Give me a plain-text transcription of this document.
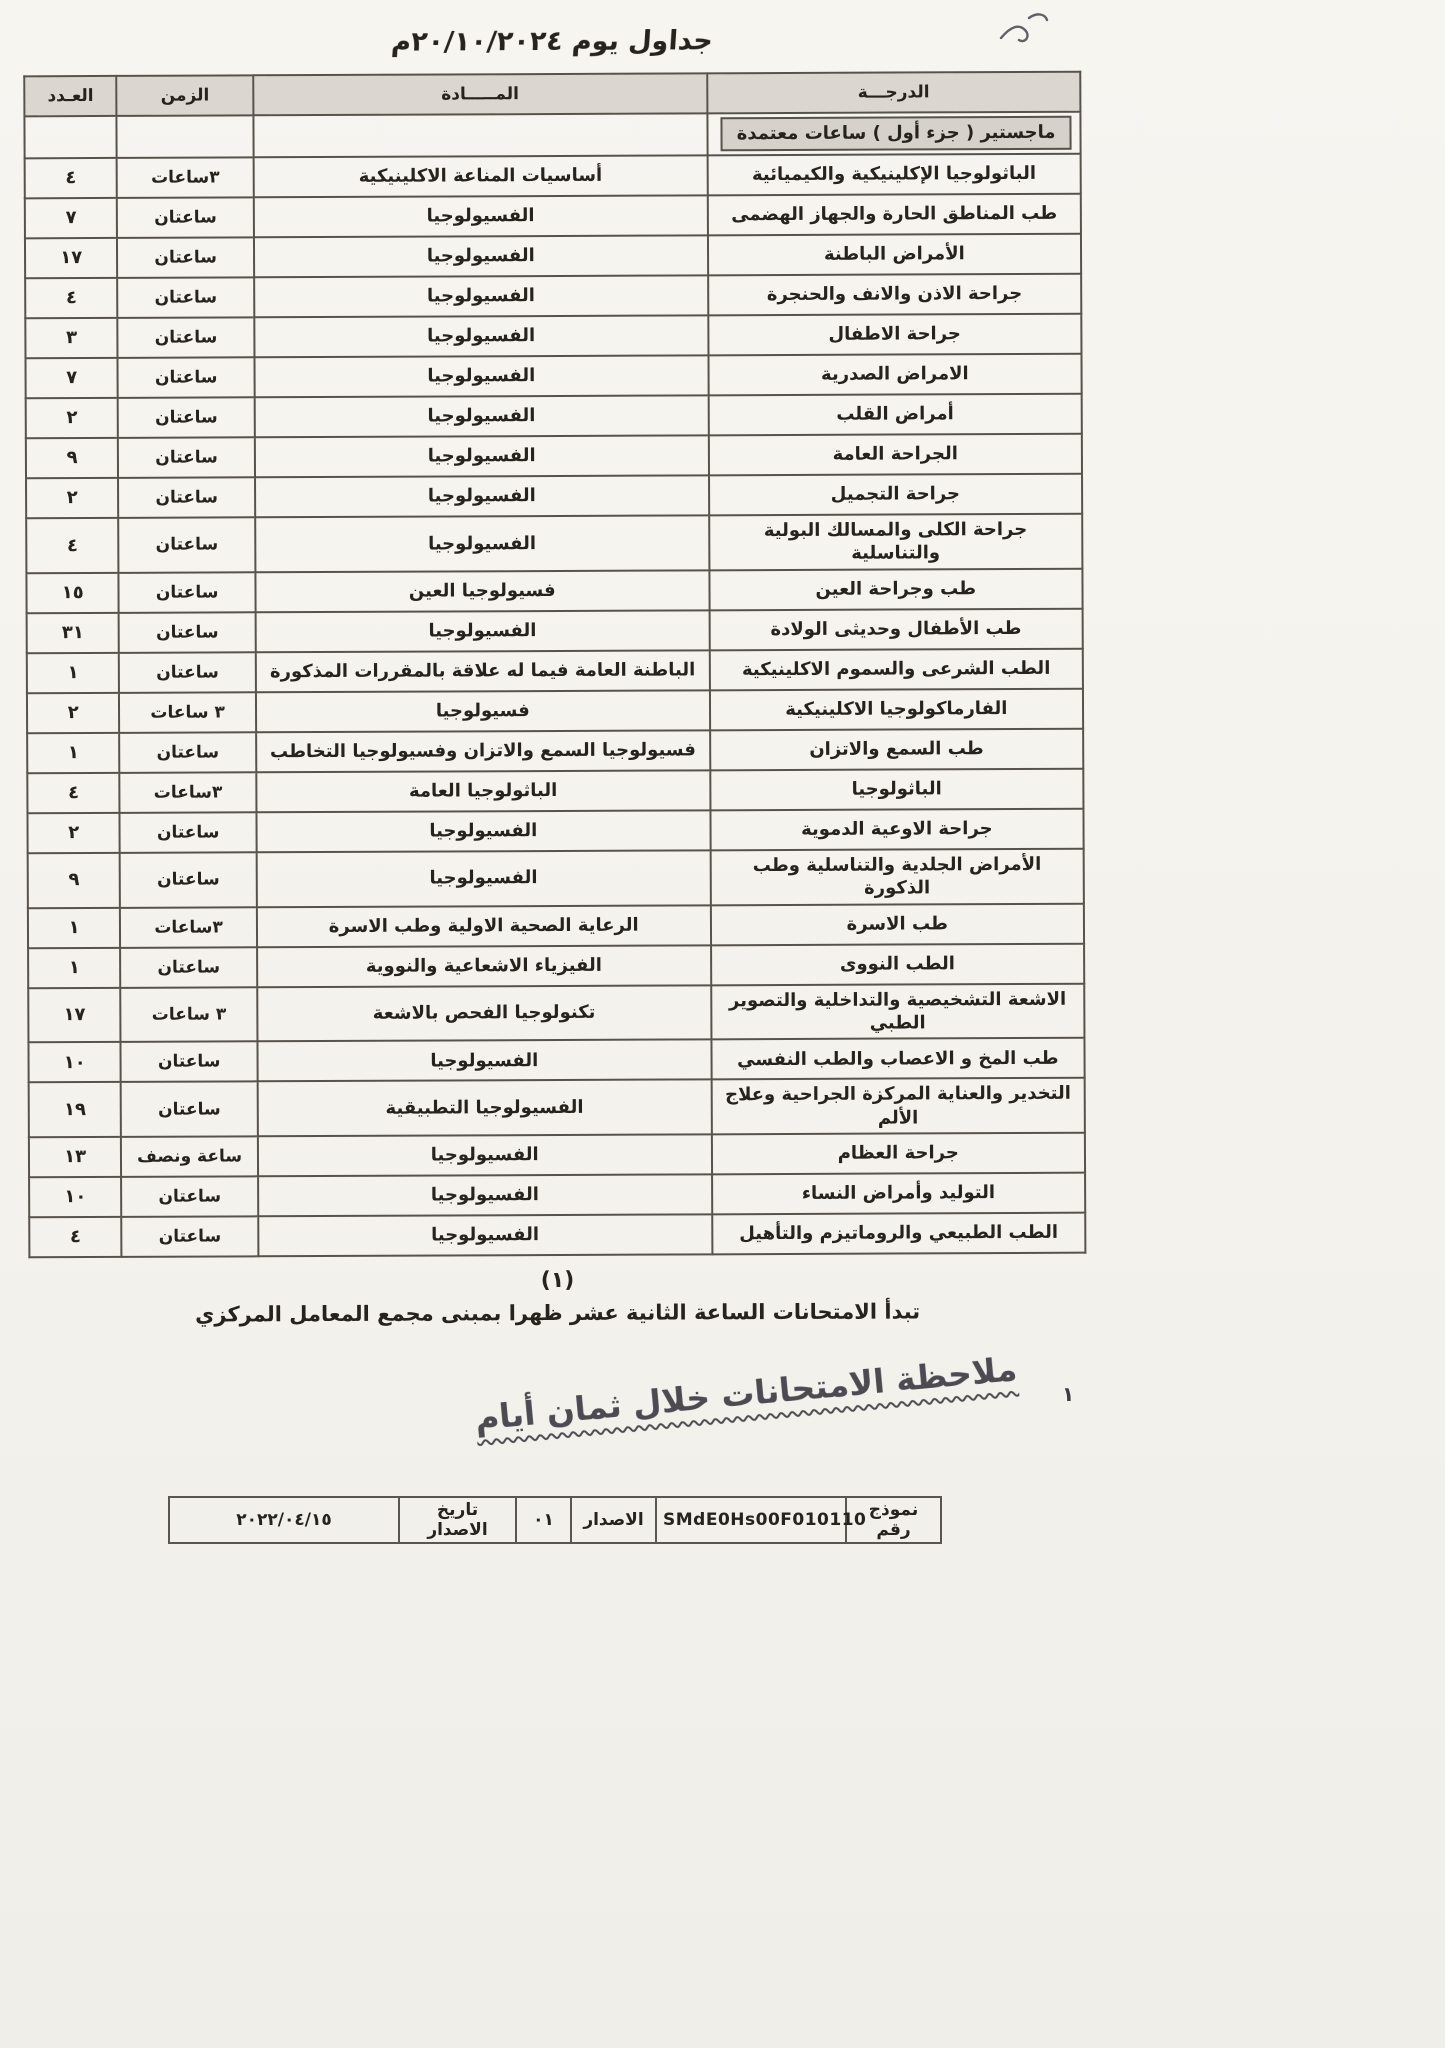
جداول يوم ٢٠/١٠/٢٠٢٤م
الدرجـــة	المـــــادة	الزمن	العـدد
ماجستير ( جزء أول ) ساعات معتمدة			
الباثولوجيا الإكلينيكية والكيميائية	أساسيات المناعة الاكلينيكية	٣ساعات	٤
طب المناطق الحارة والجهاز الهضمى	الفسيولوجيا	ساعتان	٧
الأمراض الباطنة	الفسيولوجيا	ساعتان	١٧
جراحة الاذن والانف والحنجرة	الفسيولوجيا	ساعتان	٤
جراحة الاطفال	الفسيولوجيا	ساعتان	٣
الامراض الصدرية	الفسيولوجيا	ساعتان	٧
أمراض القلب	الفسيولوجيا	ساعتان	٢
الجراحة العامة	الفسيولوجيا	ساعتان	٩
جراحة التجميل	الفسيولوجيا	ساعتان	٢
جراحة الكلى والمسالك البولية والتناسلية	الفسيولوجيا	ساعتان	٤
طب وجراحة العين	فسيولوجيا العين	ساعتان	١٥
طب الأطفال وحديثى الولادة	الفسيولوجيا	ساعتان	٣١
الطب الشرعى والسموم الاكلينيكية	الباطنة العامة فيما له علاقة بالمقررات المذكورة	ساعتان	١
الفارماكولوجيا الاكلينيكية	فسيولوجيا	٣ ساعات	٢
طب السمع والاتزان	فسيولوجيا السمع والاتزان وفسيولوجيا التخاطب	ساعتان	١
الباثولوجيا	الباثولوجيا العامة	٣ساعات	٤
جراحة الاوعية الدموية	الفسيولوجيا	ساعتان	٢
الأمراض الجلدية والتناسلية وطب الذكورة	الفسيولوجيا	ساعتان	٩
طب الاسرة	الرعاية الصحية الاولية وطب الاسرة	٣ساعات	١
الطب النووى	الفيزياء الاشعاعية والنووية	ساعتان	١
الاشعة التشخيصية والتداخلية والتصوير الطبي	تكنولوجيا الفحص بالاشعة	٣ ساعات	١٧
طب المخ و الاعصاب والطب النفسي	الفسيولوجيا	ساعتان	١٠
التخدير والعناية المركزة الجراحية وعلاج الألم	الفسيولوجيا التطبيقية	ساعتان	١٩
جراحة العظام	الفسيولوجيا	ساعة ونصف	١٣
التوليد وأمراض النساء	الفسيولوجيا	ساعتان	١٠
الطب الطبيعي والروماتيزم والتأهيل	الفسيولوجيا	ساعتان	٤
(١)
تبدأ الامتحانات الساعة الثانية عشر ظهرا بمبنى مجمع المعامل المركزي
ملاحظة الامتحانات خلال ثمان أيام ١
نموذج رقم	SMdE0Hs00F010110	الاصدار	٠١	تاريخ الاصدار	٢٠٢٢/٠٤/١٥
